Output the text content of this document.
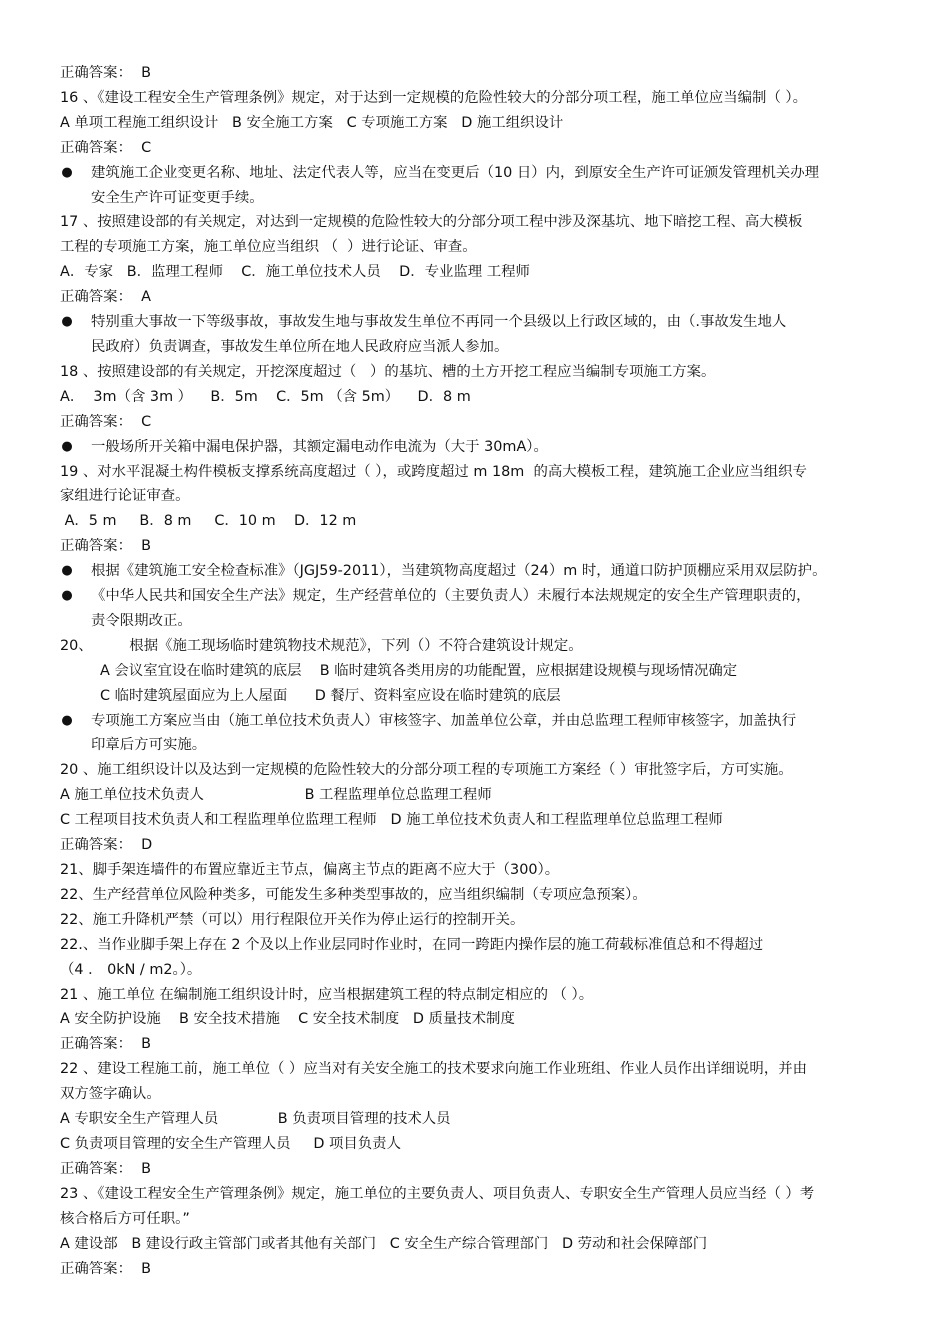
正确答案：  B
16 、《建设工程安全生产管理条例》规定，对于达到一定规模的危险性较大的分部分项工程，施工单位应当编制（ ）。
A 单项工程施工组织设计   B 安全施工方案   C 专项施工方案   D 施工组织设计
正确答案：  C
● 建筑施工企业变更名称、地址、法定代表人等，应当在变更后（10 日）内，到原安全生产许可证颁发管理机关办理
安全生产许可证变更手续。
17 、按照建设部的有关规定，对达到一定规模的危险性较大的分部分项工程中涉及深基坑、地下暗挖工程、高大模板
工程的专项施工方案，施工单位应当组织 （  ）进行论证、审查。
A．专家   B．监理工程师    C．施工单位技术人员    D．专业监理 工程师
正确答案：  A
● 特别重大事故一下等级事故，事故发生地与事故发生单位不再同一个县级以上行政区域的，由（.事故发生地人
民政府）负责调查，事故发生单位所在地人民政府应当派人参加。
18 、按照建设部的有关规定，开挖深度超过（   ）的基坑、槽的土方开挖工程应当编制专项施工方案。
A．  3m（含 3m ）    B．5m    C．5m （含 5m）    D．8 m
正确答案：  C
● 一般场所开关箱中漏电保护器，其额定漏电动作电流为（大于 30mA）。
19 、对水平混凝土构件模板支撑系统高度超过（ ），或跨度超过 m 18m  的高大模板工程，建筑施工企业应当组织专
家组进行论证审查。
A．5 m     B．8 m     C．10 m    D．12 m
正确答案：  B
● 根据《建筑施工安全检查标准》（JGJ59-2011），当建筑物高度超过（24）m 时，通道口防护顶棚应采用双层防护。
● 《中华人民共和国安全生产法》规定，生产经营单位的（主要负责人）未履行本法规规定的安全生产管理职责的，
责令限期改正。
20、        根据《施工现场临时建筑物技术规范》，下列（）不符合建筑设计规定。
A 会议室宜设在临时建筑的底层    B 临时建筑各类用房的功能配置，应根据建设规模与现场情况确定
C 临时建筑屋面应为上人屋面      D 餐厅、资料室应设在临时建筑的底层
● 专项施工方案应当由（施工单位技术负责人）审核签字、加盖单位公章，并由总监理工程师审核签字，加盖执行
印章后方可实施。
20 、施工组织设计以及达到一定规模的危险性较大的分部分项工程的专项施工方案经（ ）审批签字后，方可实施。
A 施工单位技术负责人                      B 工程监理单位总监理工程师
C 工程项目技术负责人和工程监理单位监理工程师   D 施工单位技术负责人和工程监理单位总监理工程师
正确答案：  D
21、脚手架连墙件的布置应靠近主节点，偏离主节点的距离不应大于（300）。
22、生产经营单位风险种类多，可能发生多种类型事故的，应当组织编制（专项应急预案）。
22、施工升降机严禁（可以）用行程限位开关作为停止运行的控制开关。
22.、当作业脚手架上存在 2 个及以上作业层同时作业时，在同一跨距内操作层的施工荷载标准值总和不得超过
（4 ． 0kN / m2。）。
21 、施工单位 在编制施工组织设计时，应当根据建筑工程的特点制定相应的 （ ）。
A 安全防护设施    B 安全技术措施    C 安全技术制度   D 质量技术制度
正确答案：  B
22 、建设工程施工前，施工单位（ ）应当对有关安全施工的技术要求向施工作业班组、作业人员作出详细说明，并由
双方签字确认。
A 专职安全生产管理人员             B 负责项目管理的技术人员
C 负责项目管理的安全生产管理人员     D 项目负责人
正确答案：  B
23 、《建设工程安全生产管理条例》规定，施工单位的主要负责人、项目负责人、专职安全生产管理人员应当经（ ）考
核合格后方可任职。”
A 建设部   B 建设行政主管部门或者其他有关部门   C 安全生产综合管理部门   D 劳动和社会保障部门
正确答案：  B
